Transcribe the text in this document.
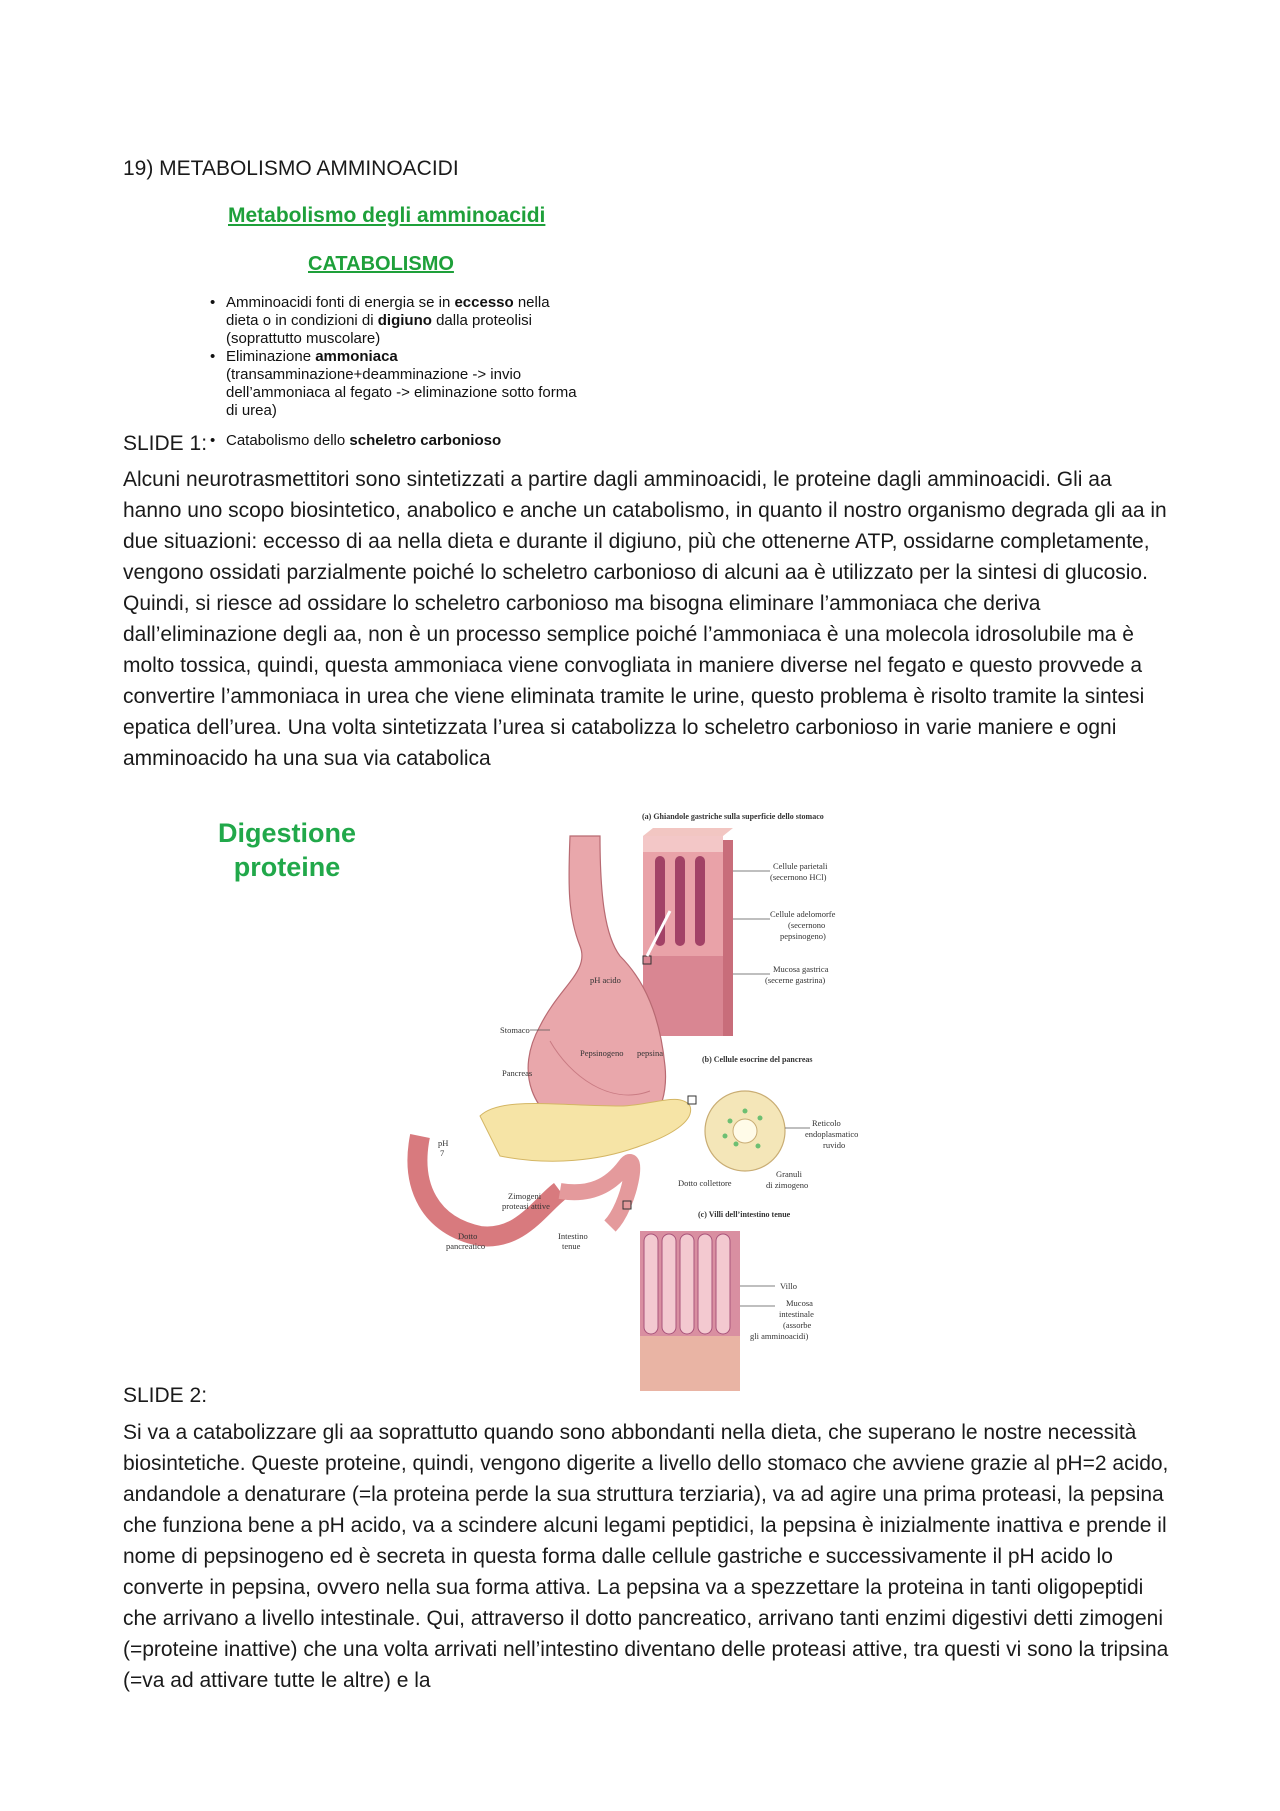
19) METABOLISMO AMMINOACIDI
Metabolismo degli amminoacidi
CATABOLISMO
• Amminoacidi fonti di energia se in eccesso nella dieta o in condizioni di digiuno dalla proteolisi (soprattutto muscolare)
• Eliminazione ammoniaca (transamminazione+deamminazione -> invio dell’ammoniaca al fegato -> eliminazione sotto forma di urea)
SLIDE 1: • Catabolismo dello scheletro carbonioso
Alcuni neurotrasmettitori sono sintetizzati a partire dagli amminoacidi, le proteine dagli amminoacidi. Gli aa hanno uno scopo biosintetico, anabolico e anche un catabolismo, in quanto il nostro organismo degrada gli aa in due situazioni: eccesso di aa nella dieta e durante il digiuno, più che ottenerne ATP, ossidarne completamente, vengono ossidati parzialmente poiché lo scheletro carbonioso di alcuni aa è utilizzato per la sintesi di glucosio. Quindi, si riesce ad ossidare lo scheletro carbonioso ma bisogna eliminare l’ammoniaca che deriva dall’eliminazione degli aa, non è un processo semplice poiché l’ammoniaca è una molecola idrosolubile ma è molto tossica, quindi, questa ammoniaca viene convogliata in maniere diverse nel fegato e questo provvede a convertire l’ammoniaca in urea che viene eliminata tramite le urine, questo problema è risolto tramite la sintesi epatica dell’urea. Una volta sintetizzata l’urea si catabolizza lo scheletro carbonioso in varie maniere e ogni amminoacido ha una sua via catabolica
Digestione
proteine
(a) Ghiandole gastriche sulla superficie dello stomaco
Cellule parietali
(secernono HCl)
Cellule adelomorfe
(secernono
pepsinogeno)
Mucosa gastrica
(secerne gastrina)
pH acido
Stomaco
Pepsinogeno pepsina
Pancreas
pH
7
Zimogeni
proteasi attive
Dotto
pancreatico
Intestino
tenue
(b) Cellule esocrine del pancreas
Reticolo
endoplasmatico
ruvido
Dotto collettore
Granuli
di zimogeno
(c) Villi dell’intestino tenue
Villo
Mucosa
intestinale
(assorbe
gli amminoacidi)
SLIDE 2:
Si va a catabolizzare gli aa soprattutto quando sono abbondanti nella dieta, che superano le nostre necessità biosintetiche. Queste proteine, quindi, vengono digerite a livello dello stomaco che avviene grazie al pH=2 acido, andandole a denaturare (=la proteina perde la sua struttura terziaria), va ad agire una prima proteasi, la pepsina che funziona bene a pH acido, va a scindere alcuni legami peptidici, la pepsina è inizialmente inattiva e prende il nome di pepsinogeno ed è secreta in questa forma dalle cellule gastriche e successivamente il pH acido lo converte in pepsina, ovvero nella sua forma attiva. La pepsina va a spezzettare la proteina in tanti oligopeptidi che arrivano a livello intestinale. Qui, attraverso il dotto pancreatico, arrivano tanti enzimi digestivi detti zimogeni (=proteine inattive) che una volta arrivati nell’intestino diventano delle proteasi attive, tra questi vi sono la tripsina (=va ad attivare tutte le altre) e la
